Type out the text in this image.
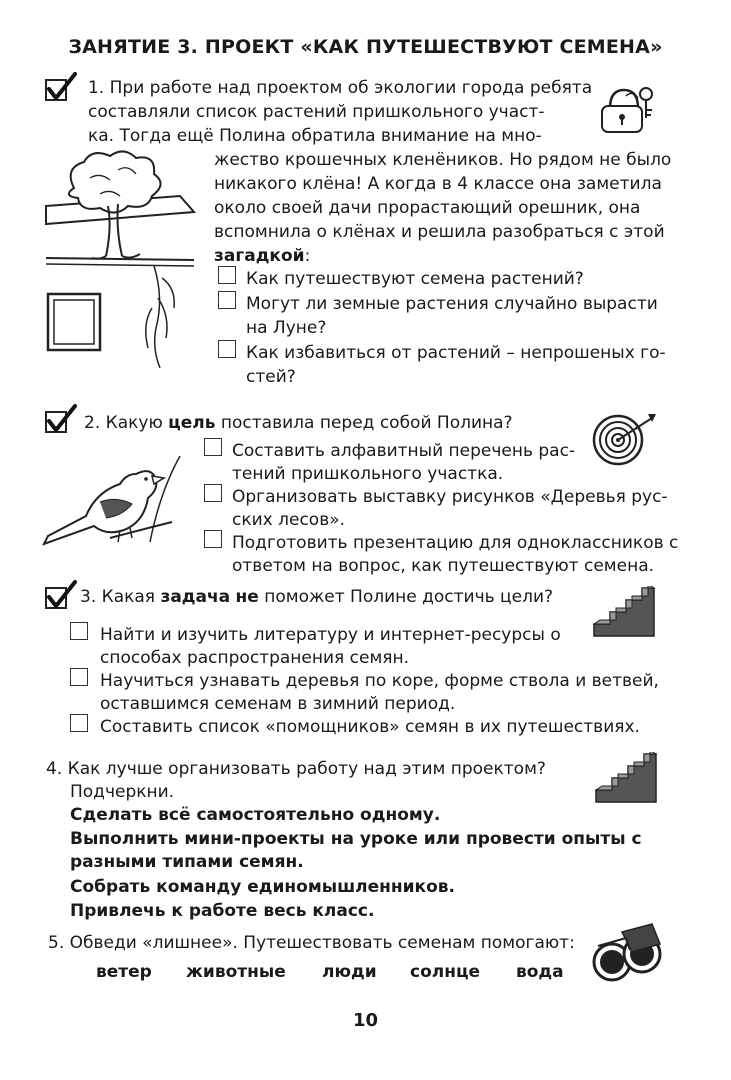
ЗАНЯТИЕ 3. ПРОЕКТ «КАК ПУТЕШЕСТВУЮТ СЕМЕНА»
1. При работе над проектом об экологии города ребята
составляли список растений пришкольного участ-
ка. Тогда ещё Полина обратила внимание на мно-
жество крошечных кленёников. Но рядом не было
никакого клёна! А когда в 4 классе она заметила
около своей дачи прорастающий орешник, она
вспомнила о клёнах и решила разобраться с этой
загадкой:
Как путешествуют семена растений?
Могут ли земные растения случайно вырасти
на Луне?
Как избавиться от растений – непрошеных го-
стей?
2. Какую цель поставила перед собой Полина?
Составить алфавитный перечень рас-
тений пришкольного участка.
Организовать выставку рисунков «Деревья рус-
ских лесов».
Подготовить презентацию для одноклассников с
ответом на вопрос, как путешествуют семена.
3. Какая задача не поможет Полине достичь цели?
Найти и изучить литературу и интернет-ресурсы о
способах распространения семян.
Научиться узнавать деревья по коре, форме ствола и ветвей,
оставшимся семенам в зимний период.
Составить список «помощников» семян в их путешествиях.
4. Как лучше организовать работу над этим проектом?
Подчеркни.
Сделать всё самостоятельно одному.
Выполнить мини-проекты на уроке или провести опыты с
разными типами семян.
Собрать команду единомышленников.
Привлечь к работе весь класс.
5. Обведи «лишнее». Путешествовать семенам помогают:
ветер животные люди солнце вода
10
